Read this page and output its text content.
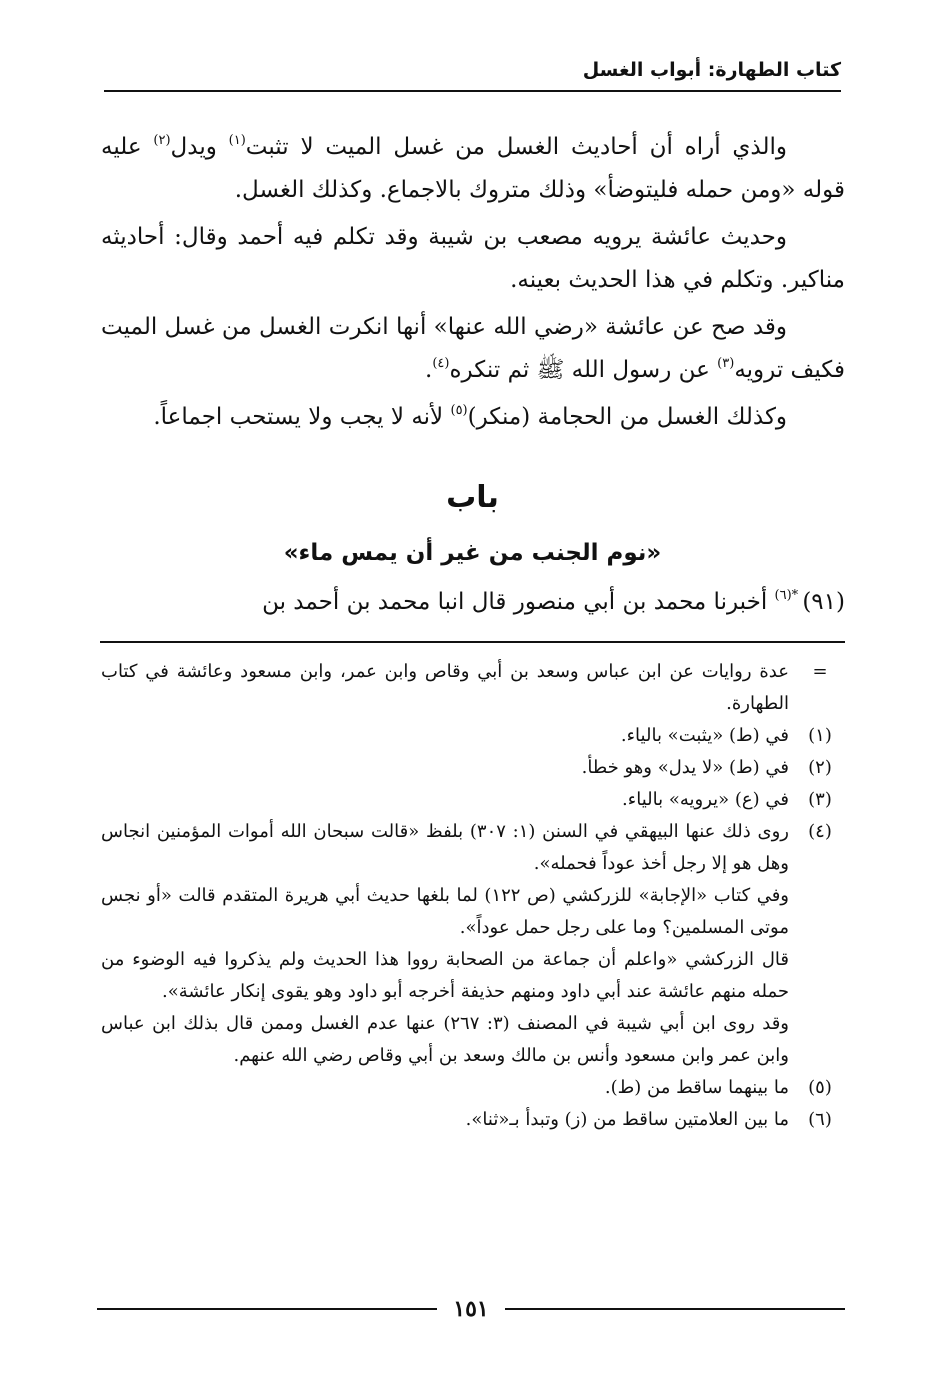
كتاب الطهارة: أبواب الغسل

والذي أراه أن أحاديث الغسل من غسل الميت لا تثبت$^{(١)}$ ويدل$^{(٢)}$ عليه قوله «ومن حمله فليتوضأ» وذلك متروك بالاجماع. وكذلك الغسل.

وحديث عائشة يرويه مصعب بن شيبة وقد تكلم فيه أحمد وقال: أحاديثه مناكير. وتكلم في هذا الحديث بعينه.

وقد صح عن عائشة «رضي الله عنها» أنها انكرت الغسل من غسل الميت فكيف ترويه$^{(٣)}$ عن رسول الله ﷺ ثم تنكره$^{(٤)}$.

وكذلك الغسل من الحجامة (منكر)$^{(٥)}$ لأنه لا يجب ولا يستحب اجماعاً.

باب
«نوم الجنب من غير أن يمس ماء»
(٩١) $^{*(٦)}$ أخبرنا محمد بن أبي منصور قال انبا محمد بن أحمد بن
=
عدة روايات عن ابن عباس وسعد بن أبي وقاص وابن عمر، وابن مسعود وعائشة في كتاب الطهارة.
(١)
في (ط) «يثبت» بالياء.
(٢)
في (ط) «لا يدل» وهو خطأ.
(٣)
في (ع) «يرويه» بالياء.
(٤)
روى ذلك عنها البيهقي في السنن (١: ٣٠٧) بلفظ «قالت سبحان الله أموات المؤمنين انجاس وهل هو إلا رجل أخذ عوداً فحمله».

وفي كتاب «الإجابة» للزركشي (ص ١٢٢) لما بلغها حديث أبي هريرة المتقدم قالت «أو نجس موتى المسلمين؟ وما على رجل حمل عوداً».

قال الزركشي «واعلم أن جماعة من الصحابة رووا هذا الحديث ولم يذكروا فيه الوضوء من حمله منهم عائشة عند أبي داود ومنهم حذيفة أخرجه أبو داود وهو يقوى إنكار عائشة».

وقد روى ابن أبي شيبة في المصنف (٣: ٢٦٧) عنها عدم الغسل وممن قال بذلك ابن عباس وابن عمر وابن مسعود وأنس بن مالك وسعد بن أبي وقاص رضي الله عنهم.

(٥)
ما بينهما ساقط من (ط).
(٦)
ما بين العلامتين ساقط من (ز) وتبدأ بـ«ثنا».
١٥١
